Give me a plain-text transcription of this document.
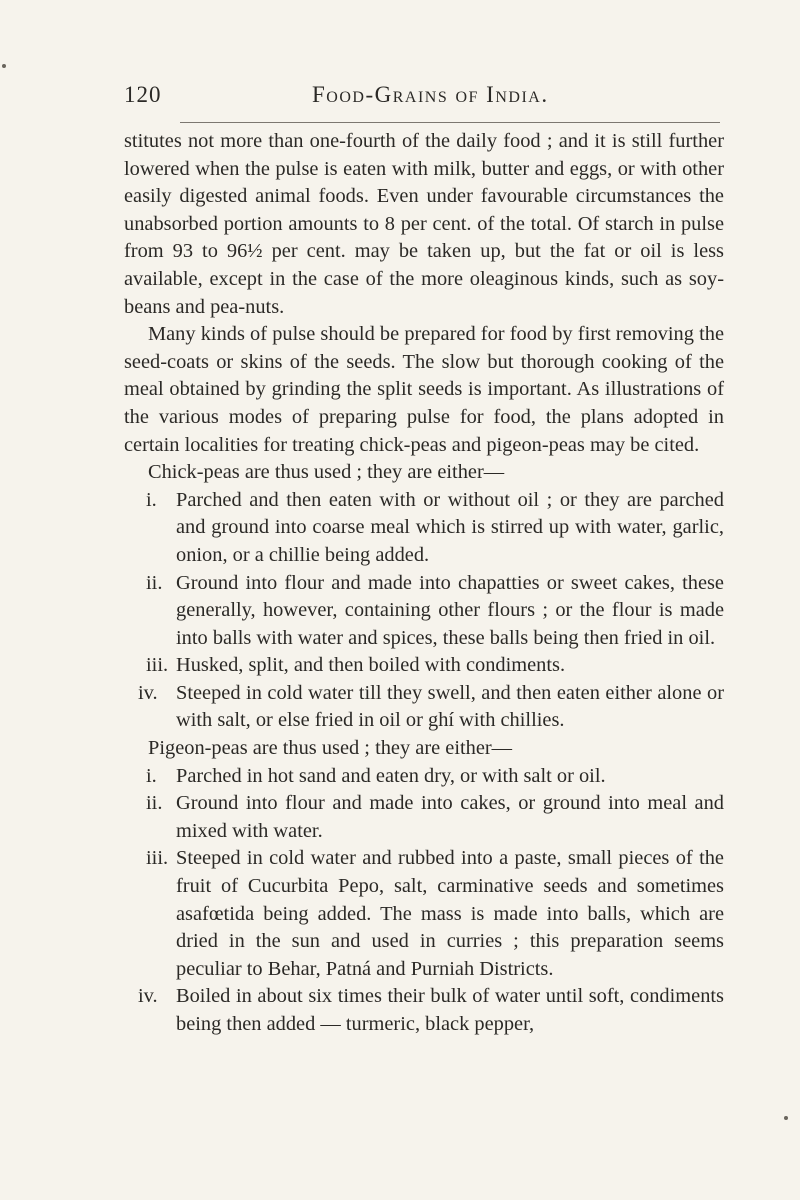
120	Food-Grains of India.

stitutes not more than one-fourth of the daily food ; and it is still further lowered when the pulse is eaten with milk, butter and eggs, or with other easily digested animal foods. Even under favourable circumstances the unabsorbed portion amounts to 8 per cent. of the total. Of starch in pulse from 93 to 96½ per cent. may be taken up, but the fat or oil is less available, except in the case of the more oleaginous kinds, such as soy-beans and pea-nuts.

Many kinds of pulse should be prepared for food by first removing the seed-coats or skins of the seeds. The slow but thorough cooking of the meal obtained by grinding the split seeds is important. As illustrations of the various modes of preparing pulse for food, the plans adopted in certain localities for treating chick-peas and pigeon-peas may be cited.

Chick-peas are thus used ; they are either—

i. Parched and then eaten with or without oil ; or they are parched and ground into coarse meal which is stirred up with water, garlic, onion, or a chillie being added.
ii. Ground into flour and made into chapatties or sweet cakes, these generally, however, containing other flours ; or the flour is made into balls with water and spices, these balls being then fried in oil.
iii. Husked, split, and then boiled with condiments.
iv. Steeped in cold water till they swell, and then eaten either alone or with salt, or else fried in oil or ghí with chillies.

Pigeon-peas are thus used ; they are either—

i. Parched in hot sand and eaten dry, or with salt or oil.
ii. Ground into flour and made into cakes, or ground into meal and mixed with water.
iii. Steeped in cold water and rubbed into a paste, small pieces of the fruit of Cucurbita Pepo, salt, carminative seeds and sometimes asafœtida being added. The mass is made into balls, which are dried in the sun and used in curries ; this preparation seems peculiar to Behar, Patná and Purniah Districts.
iv. Boiled in about six times their bulk of water until soft, condiments being then added — turmeric, black pepper,
